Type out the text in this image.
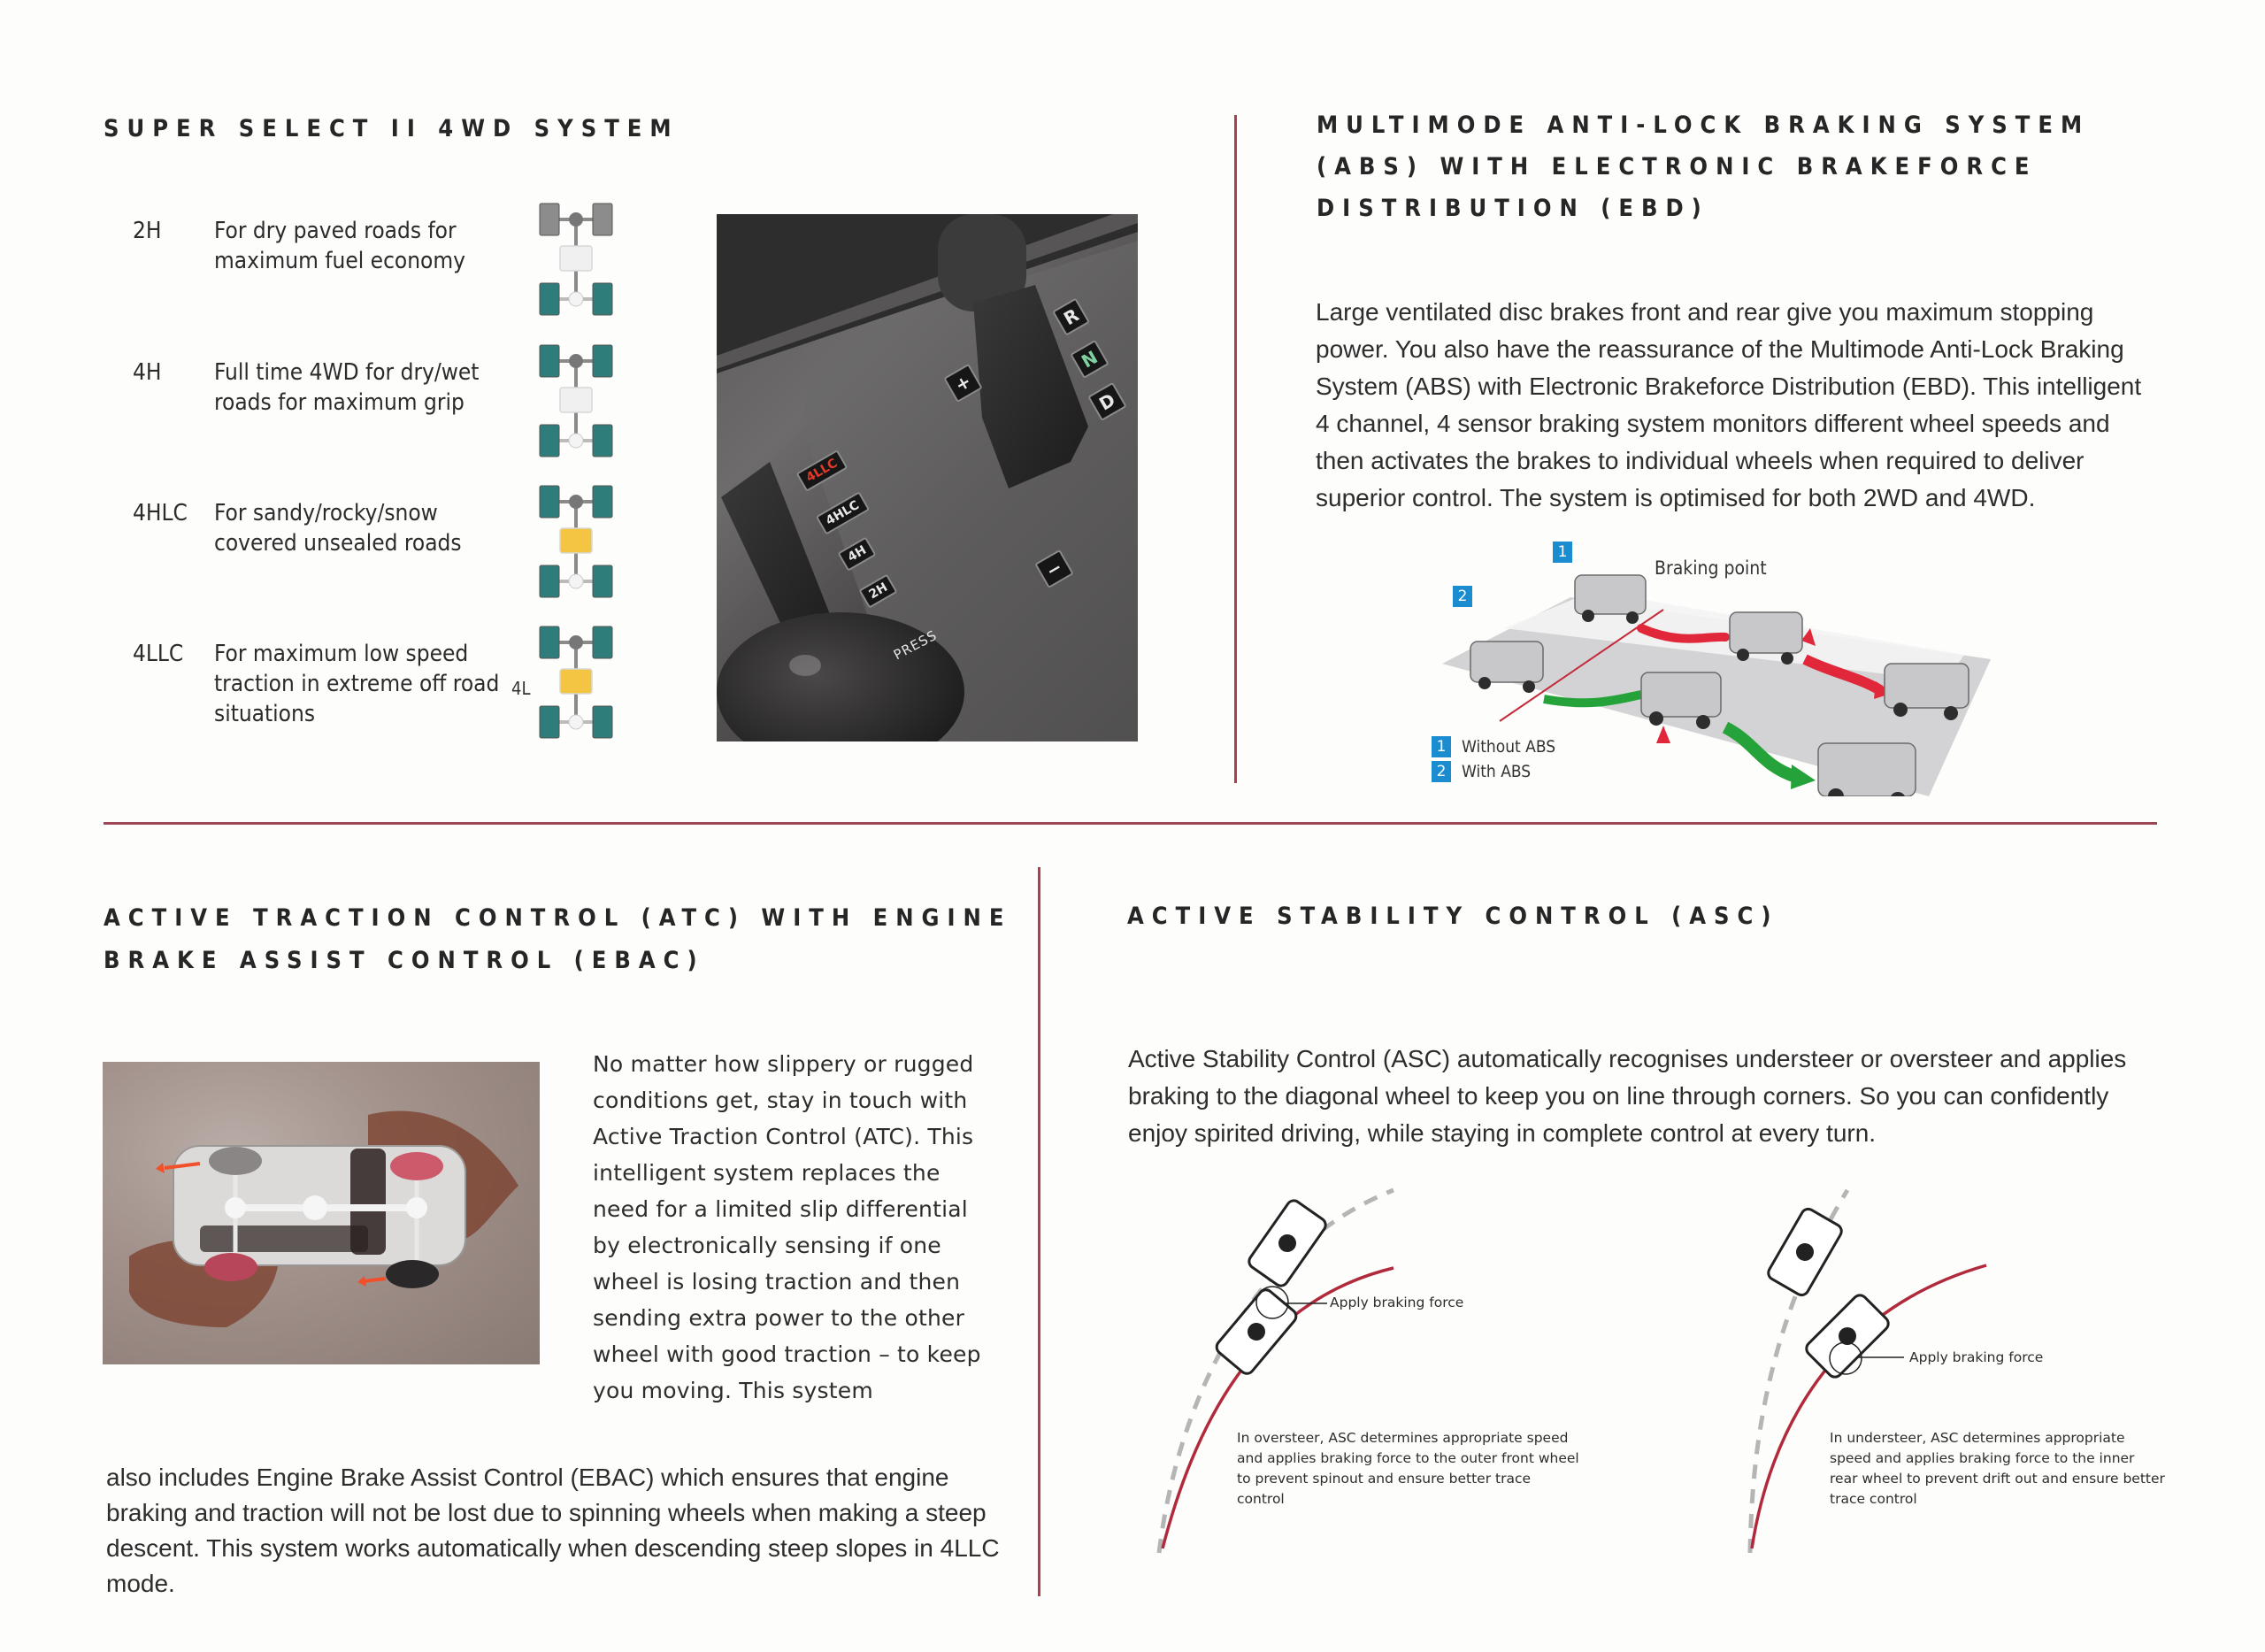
SUPER SELECT II 4WD SYSTEM
2H For dry paved roads for maximum fuel economy
4H Full time 4WD for dry/wet roads for maximum grip
4HLC For sandy/rocky/snow covered unsealed roads
4LLC For maximum low speed traction in extreme off road situations
4L
4LLC
4HLC
4H
2H
R
N
D
+
−
PRESS
MULTIMODE ANTI-LOCK BRAKING SYSTEM
(ABS) WITH ELECTRONIC BRAKEFORCE
DISTRIBUTION (EBD)

Large ventilated disc brakes front and rear give you maximum stopping power. You also have the reassurance of the Multimode Anti-Lock Braking System (ABS) with Electronic Brakeforce Distribution (EBD). This intelligent 4 channel, 4 sensor braking system monitors different wheel speeds and then activates the brakes to individual wheels when required to deliver superior control. The system is optimised for both 2WD and 4WD.

1
2
Braking point
1 Without ABS
2 With ABS
ACTIVE TRACTION CONTROL (ATC) WITH ENGINE
BRAKE ASSIST CONTROL (EBAC)

No matter how slippery or rugged conditions get, stay in touch with Active Traction Control (ATC). This intelligent system replaces the need for a limited slip differential by electronically sensing if one wheel is losing traction and then sending extra power to the other wheel with good traction – to keep you moving. This system

also includes Engine Brake Assist Control (EBAC) which ensures that engine braking and traction will not be lost due to spinning wheels when making a steep descent. This system works automatically when descending steep slopes in 4LLC mode.

ACTIVE STABILITY CONTROL (ASC)

Active Stability Control (ASC) automatically recognises understeer or oversteer and applies braking to the diagonal wheel to keep you on line through corners. So you can confidently enjoy spirited driving, while staying in complete control at every turn.

Apply braking force
In oversteer, ASC determines appropriate speed and applies braking force to the outer front wheel to prevent spinout and ensure better trace control
Apply braking force
In understeer, ASC determines appropriate speed and applies braking force to the inner rear wheel to prevent drift out and ensure better trace control
